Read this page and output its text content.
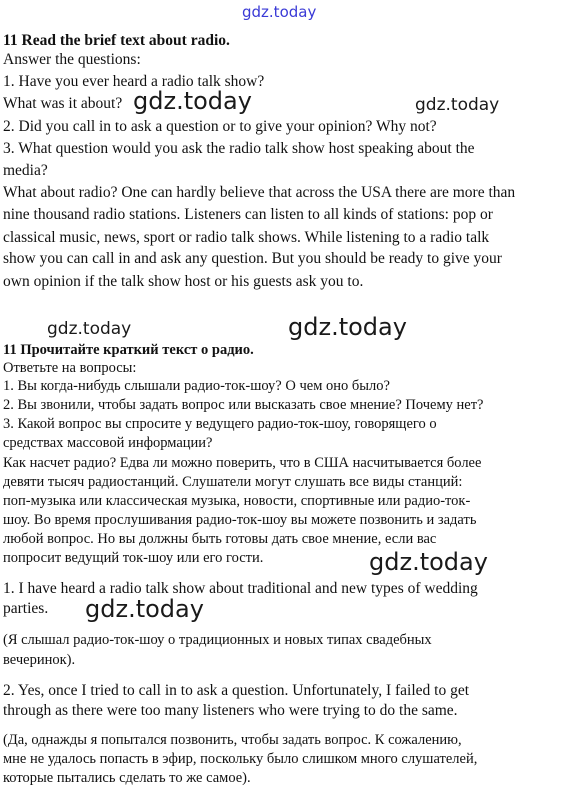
gdz.today
gdz.today	gdz.today
gdz.today	gdz.today
gdz.today
gdz.today

11 Read the brief text about radio.

Answer the questions:

1. Have you ever heard a radio talk show?

What was it about?

2. Did you call in to ask a question or to give your opinion? Why not?

3. What question would you ask the radio talk show host speaking about the

media?

What about radio? One can hardly believe that across the USA there are more than

nine thousand radio stations. Listeners can listen to all kinds of stations: pop or

classical music, news, sport or radio talk shows. While listening to a radio talk

show you can call in and ask any question. But you should be ready to give your

own opinion if the talk show host or his guests ask you to.

11 Прочитайте краткий текст о радио.

Ответьте на вопросы:

1. Вы когда-нибудь слышали радио-ток-шоу? О чем оно было?

2. Вы звонили, чтобы задать вопрос или высказать свое мнение? Почему нет?

3. Какой вопрос вы спросите у ведущего радио-ток-шоу, говорящего о

средствах массовой информации?

Как насчет радио? Едва ли можно поверить, что в США насчитывается более

девяти тысяч радиостанций. Слушатели могут слушать все виды станций:

поп-музыка или классическая музыка, новости, спортивные или радио-ток-

шоу. Во время прослушивания радио-ток-шоу вы можете позвонить и задать

любой вопрос. Но вы должны быть готовы дать свое мнение, если вас

попросит ведущий ток-шоу или его гости.

1. I have heard a radio talk show about traditional and new types of wedding

parties.

(Я слышал радио-ток-шоу о традиционных и новых типах свадебных

вечеринок).

2. Yes, once I tried to call in to ask a question. Unfortunately, I failed to get

through as there were too many listeners who were trying to do the same.

(Да, однажды я попытался позвонить, чтобы задать вопрос. К сожалению,

мне не удалось попасть в эфир, поскольку было слишком много слушателей,

которые пытались сделать то же самое).
